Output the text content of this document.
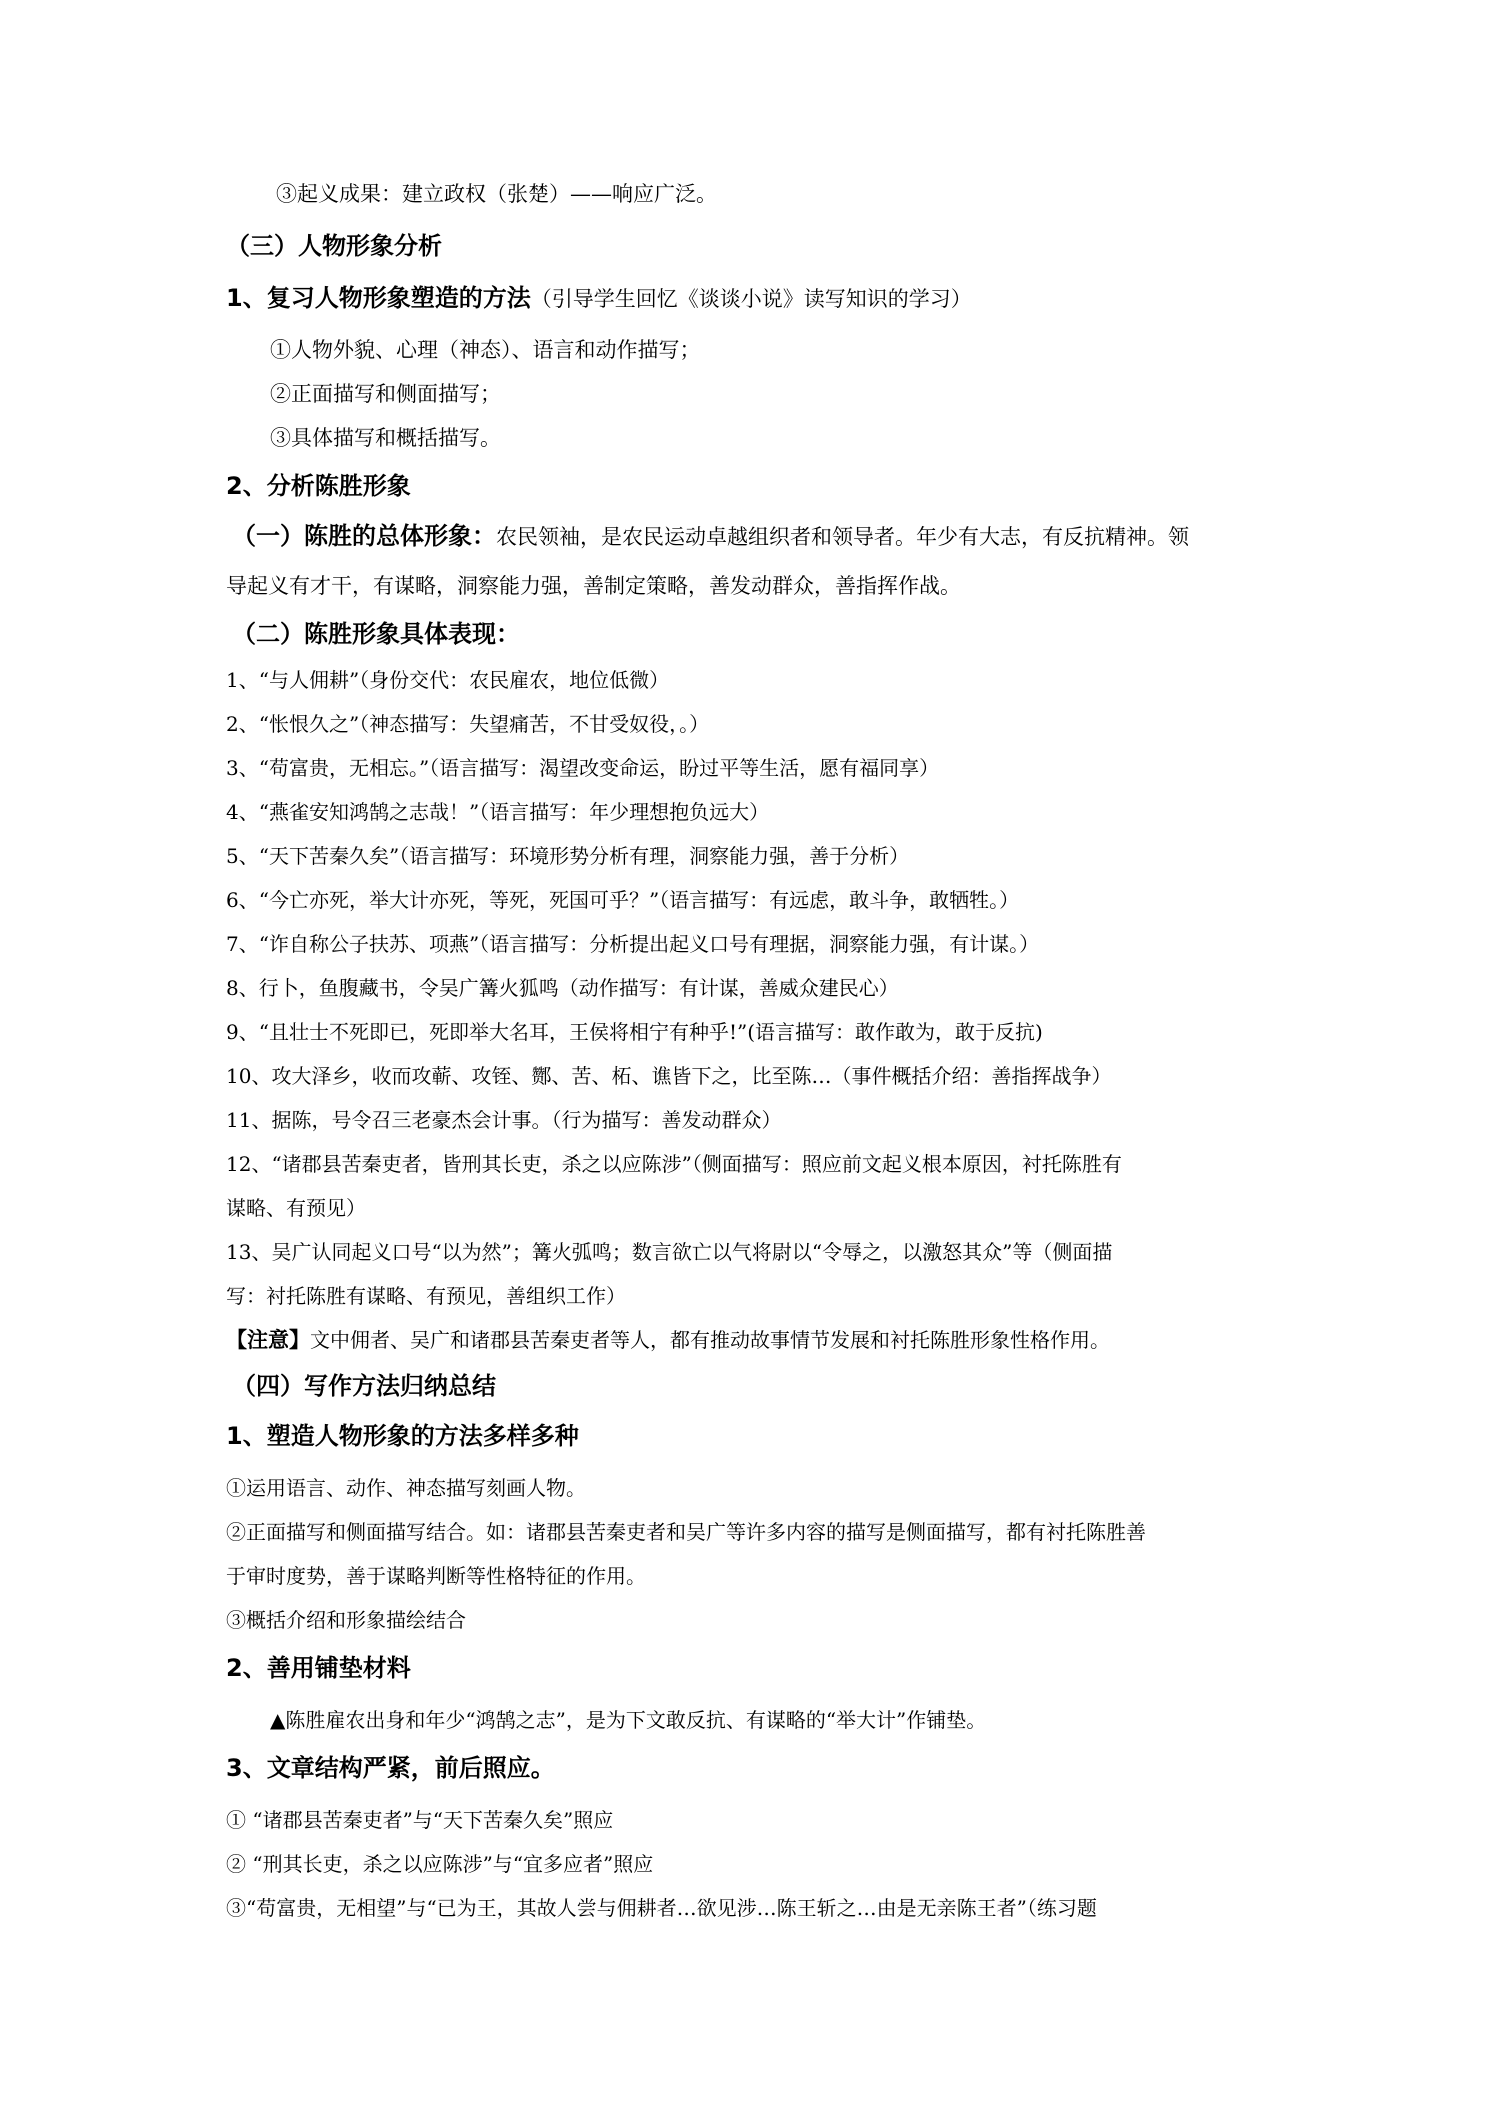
③起义成果：建立政权（张楚）——响应广泛。
（三）人物形象分析
1、复习人物形象塑造的方法（引导学生回忆《谈谈小说》读写知识的学习）
①人物外貌、心理（神态）、语言和动作描写；
②正面描写和侧面描写；
③具体描写和概括描写。
2、分析陈胜形象
（一）陈胜的总体形象：农民领袖，是农民运动卓越组织者和领导者。年少有大志，有反抗精神。领
导起义有才干，有谋略，洞察能力强，善制定策略，善发动群众，善指挥作战。
（二）陈胜形象具体表现：
1、“与人佣耕”（身份交代：农民雇农，地位低微）
2、“怅恨久之”（神态描写：失望痛苦，不甘受奴役，。）
3、“苟富贵，无相忘。”（语言描写：渴望改变命运，盼过平等生活，愿有福同享）
4、“燕雀安知鸿鹄之志哉！”（语言描写：年少理想抱负远大）
5、“天下苦秦久矣”（语言描写：环境形势分析有理，洞察能力强，善于分析）
6、“今亡亦死，举大计亦死，等死，死国可乎？”（语言描写：有远虑，敢斗争，敢牺牲。）
7、“诈自称公子扶苏、项燕”（语言描写：分析提出起义口号有理据，洞察能力强，有计谋。）
8、行卜，鱼腹藏书，令吴广篝火狐鸣（动作描写：有计谋，善威众建民心）
9、“且壮士不死即已，死即举大名耳，王侯将相宁有种乎!”(语言描写：敢作敢为，敢于反抗)
10、攻大泽乡，收而攻蕲、攻铚、酂、苦、柘、谯皆下之，比至陈…（事件概括介绍：善指挥战争）
11、据陈，号令召三老豪杰会计事。（行为描写：善发动群众）
12、“诸郡县苦秦吏者，皆刑其长吏，杀之以应陈涉”（侧面描写：照应前文起义根本原因，衬托陈胜有
谋略、有预见）
13、吴广认同起义口号“以为然”；篝火弧鸣；数言欲亡以气将尉以“令辱之，以激怒其众”等（侧面描
写：衬托陈胜有谋略、有预见，善组织工作）
【注意】文中佣者、吴广和诸郡县苦秦吏者等人，都有推动故事情节发展和衬托陈胜形象性格作用。
（四）写作方法归纳总结
1、塑造人物形象的方法多样多种
①运用语言、动作、神态描写刻画人物。
②正面描写和侧面描写结合。如：诸郡县苦秦吏者和吴广等许多内容的描写是侧面描写，都有衬托陈胜善
于审时度势，善于谋略判断等性格特征的作用。
③概括介绍和形象描绘结合
2、善用铺垫材料
▲陈胜雇农出身和年少“鸿鹄之志”，是为下文敢反抗、有谋略的“举大计”作铺垫。
3、文章结构严紧，前后照应。
① “诸郡县苦秦吏者”与“天下苦秦久矣”照应
② “刑其长吏，杀之以应陈涉”与“宜多应者”照应
③“苟富贵，无相望”与“已为王，其故人尝与佣耕者…欲见涉…陈王斩之…由是无亲陈王者”（练习题
